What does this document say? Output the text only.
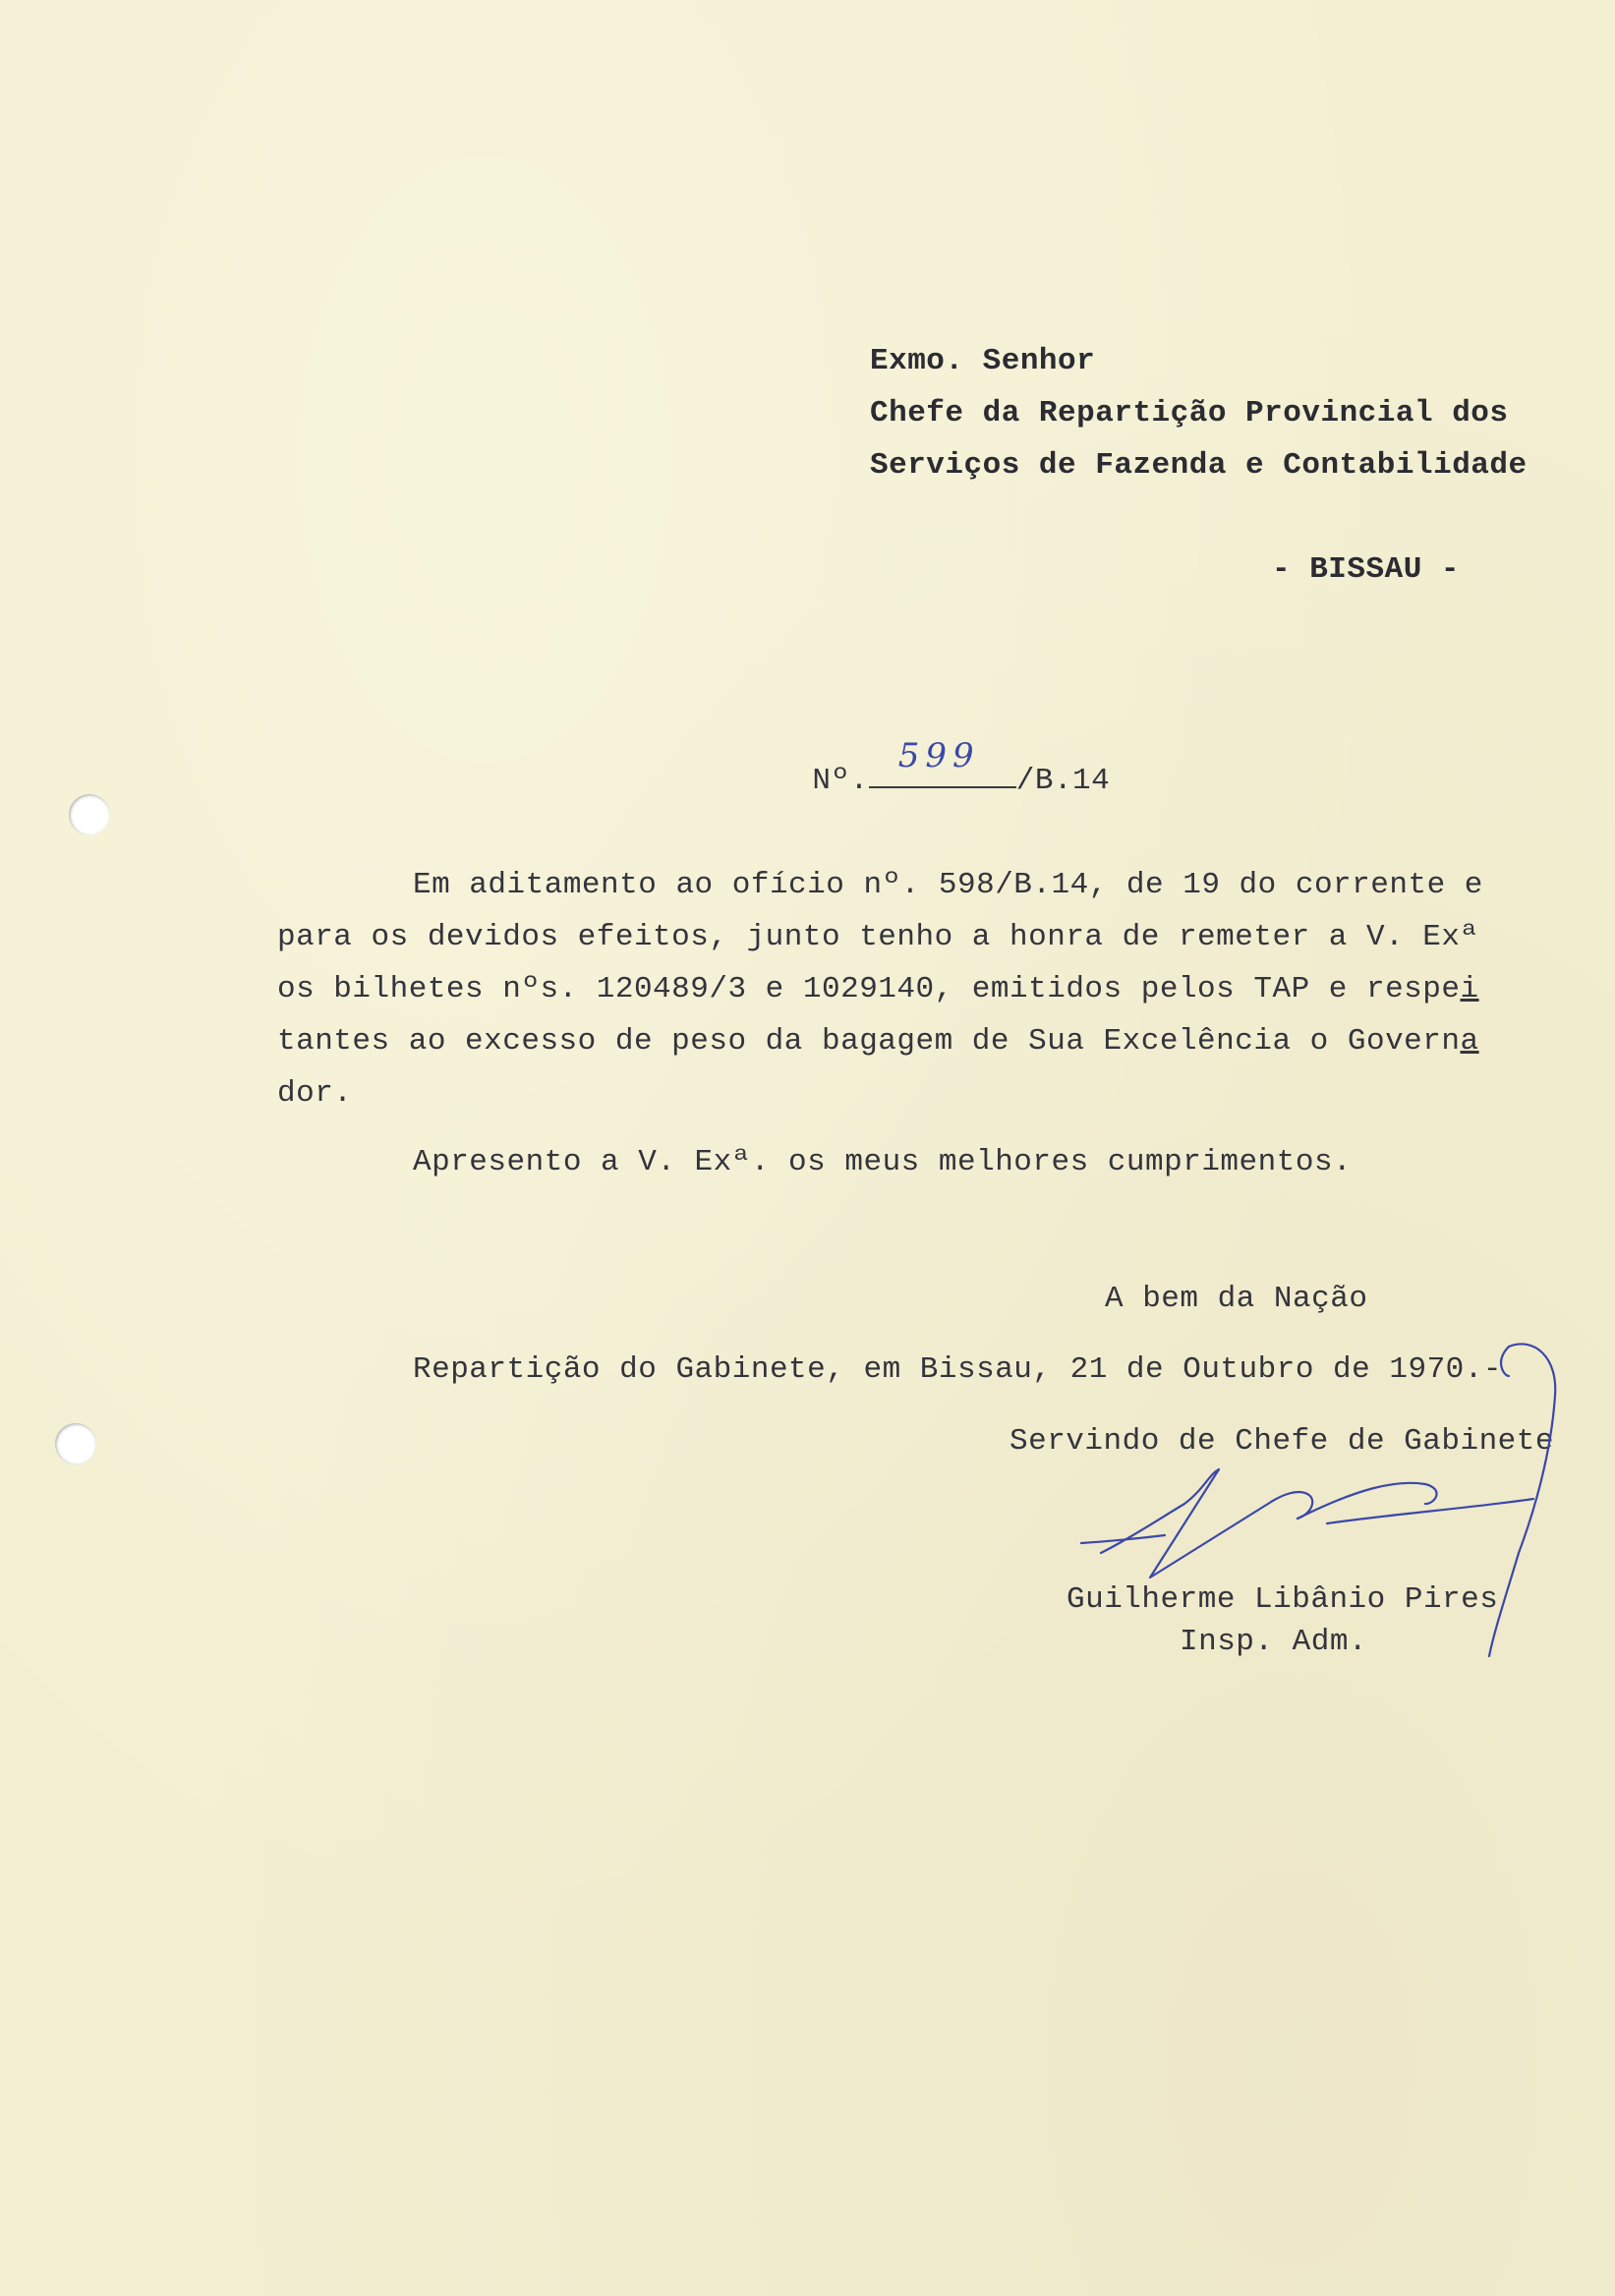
Exmo. Senhor
Chefe da Repartição Provincial dos
Serviços de Fazenda e Contabilidade
- BISSAU -

Nº.
599
/B.14

Em aditamento ao ofício nº. 598/B.14, de 19 do corrente e
para os devidos efeitos, junto tenho a honra de remeter a V. Exª
os bilhetes nºs. 120489/3 e 1029140, emitidos pelos TAP e respei
tantes ao excesso de peso da bagagem de Sua Excelência o Governa
dor.
Apresento a V. Exª. os meus melhores cumprimentos.
A bem da Nação
Repartição do Gabinete, em Bissau, 21 de Outubro de 1970.-
Servindo de Chefe de Gabinete
Guilherme Libânio Pires
Insp. Adm.
